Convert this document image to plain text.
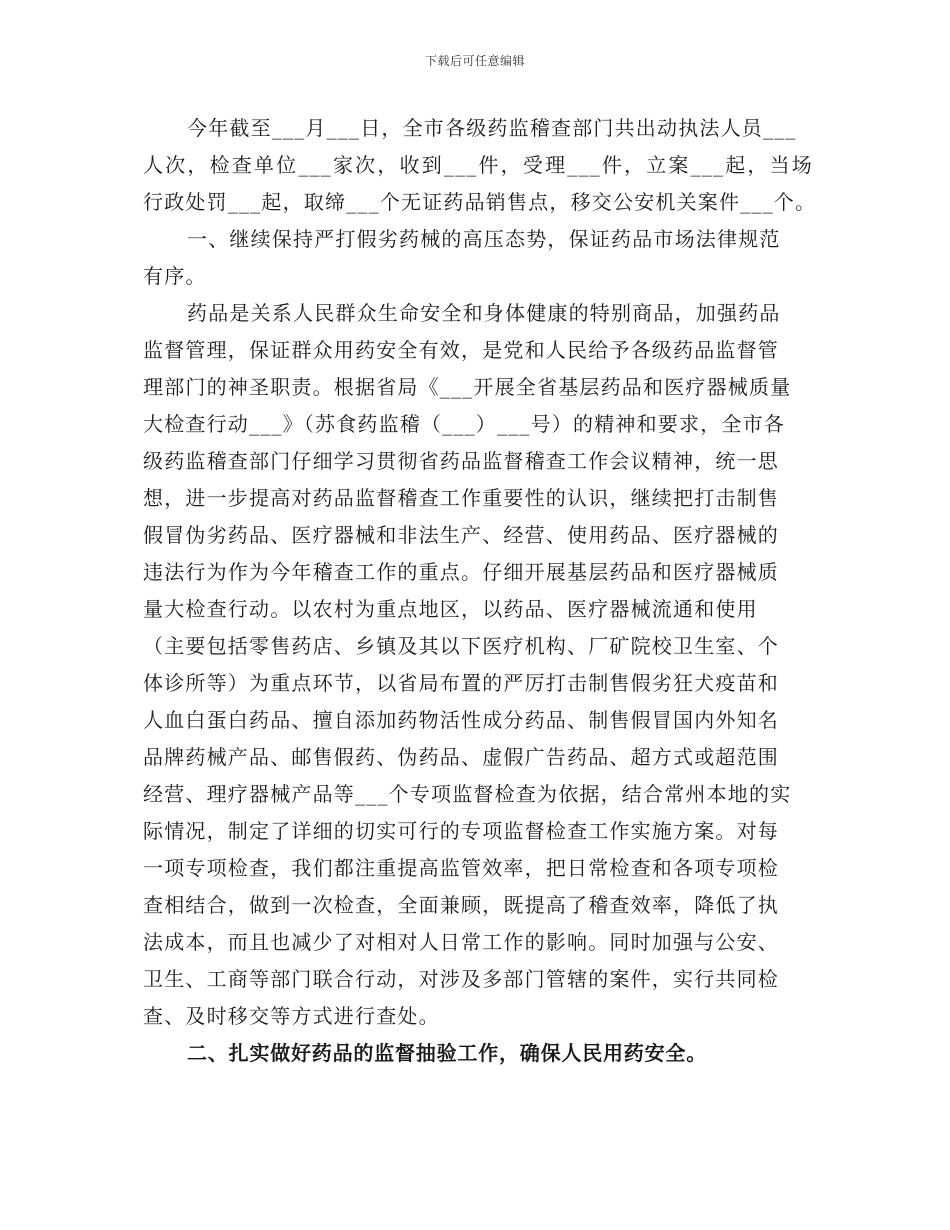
下载后可任意编辑
今年截至___月___日，全市各级药监稽查部门共出动执法人员___
人次，检查单位___家次，收到___件，受理___件，立案___起，当场
行政处罚___起，取缔___个无证药品销售点，移交公安机关案件___个。
一、继续保持严打假劣药械的高压态势，保证药品市场法律规范
有序。
药品是关系人民群众生命安全和身体健康的特别商品，加强药品
监督管理，保证群众用药安全有效，是党和人民给予各级药品监督管
理部门的神圣职责。根据省局《___开展全省基层药品和医疗器械质量
大检查行动___》（苏食药监稽（___）___号）的精神和要求，全市各
级药监稽查部门仔细学习贯彻省药品监督稽查工作会议精神，统一思
想，进一步提高对药品监督稽查工作重要性的认识，继续把打击制售
假冒伪劣药品、医疗器械和非法生产、经营、使用药品、医疗器械的
违法行为作为今年稽查工作的重点。仔细开展基层药品和医疗器械质
量大检查行动。以农村为重点地区，以药品、医疗器械流通和使用
（主要包括零售药店、乡镇及其以下医疗机构、厂矿院校卫生室、个
体诊所等）为重点环节，以省局布置的严厉打击制售假劣狂犬疫苗和
人血白蛋白药品、擅自添加药物活性成分药品、制售假冒国内外知名
品牌药械产品、邮售假药、伪药品、虚假广告药品、超方式或超范围
经营、理疗器械产品等___个专项监督检查为依据，结合常州本地的实
际情况，制定了详细的切实可行的专项监督检查工作实施方案。对每
一项专项检查，我们都注重提高监管效率，把日常检查和各项专项检
查相结合，做到一次检查，全面兼顾，既提高了稽查效率，降低了执
法成本，而且也减少了对相对人日常工作的影响。同时加强与公安、
卫生、工商等部门联合行动，对涉及多部门管辖的案件，实行共同检
查、及时移交等方式进行查处。
二、扎实做好药品的监督抽验工作，确保人民用药安全。
